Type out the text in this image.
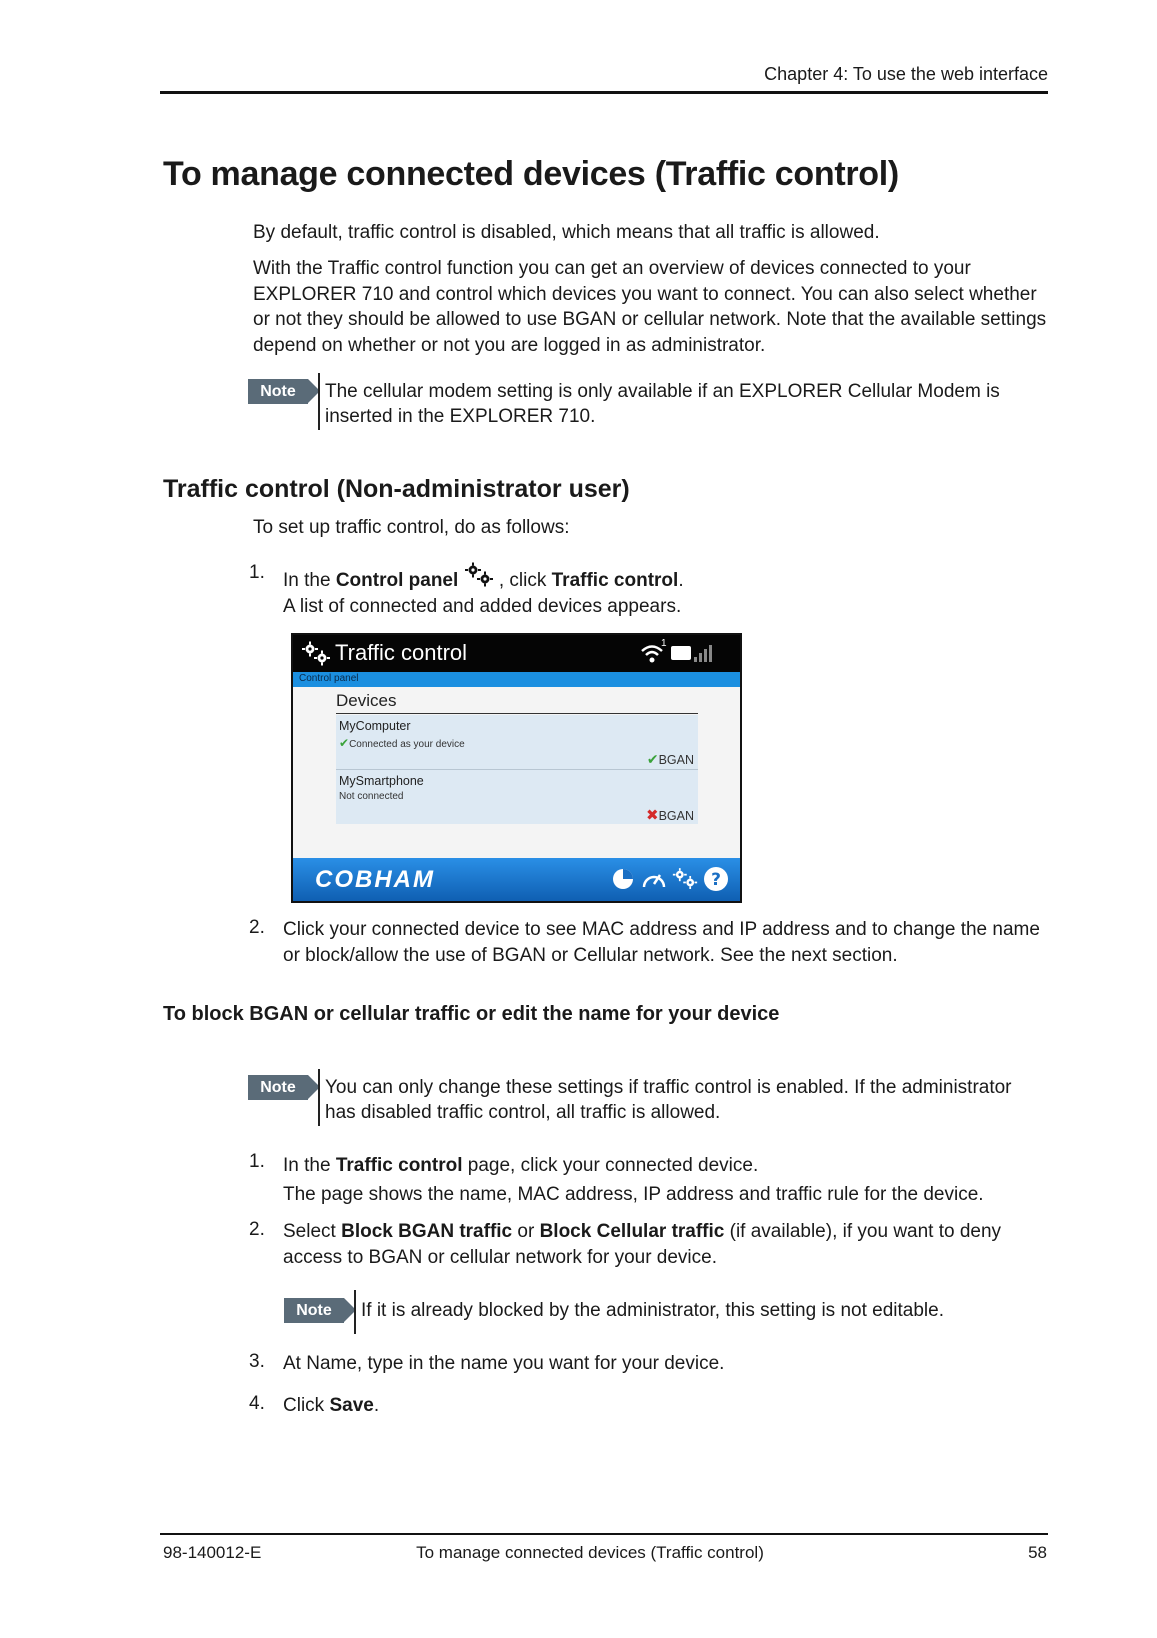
Chapter 4: To use the web interface
To manage connected devices (Traffic control)
By default, traffic control is disabled, which means that all traffic is allowed.
With the Traffic control function you can get an overview of devices connected to your EXPLORER 710 and control which devices you want to connect. You can also select whether or not they should be allowed to use BGAN or cellular network. Note that the available settings depend on whether or not you are logged in as administrator.
Note	The cellular modem setting is only available if an EXPLORER Cellular Modem is inserted in the EXPLORER 710.
Traffic control (Non-administrator user)
To set up traffic control, do as follows:
1. In the Control panel , click Traffic control.
A list of connected and added devices appears.
Traffic control	1
Control panel
Devices
MyComputer
✔Connected as your device
✔BGAN
MySmartphone
Not connected
✖BGAN
COBHAM	?
2. Click your connected device to see MAC address and IP address and to change the name or block/allow the use of BGAN or Cellular network. See the next section.
To block BGAN or cellular traffic or edit the name for your device
Note	You can only change these settings if traffic control is enabled. If the administrator has disabled traffic control, all traffic is allowed.
1. In the Traffic control page, click your connected device.
The page shows the name, MAC address, IP address and traffic rule for the device.
2. Select Block BGAN traffic or Block Cellular traffic (if available), if you want to deny access to BGAN or cellular network for your device.
Note	If it is already blocked by the administrator, this setting is not editable.
3. At Name, type in the name you want for your device.
4. Click Save.
98-140012-E	To manage connected devices (Traffic control)	58
